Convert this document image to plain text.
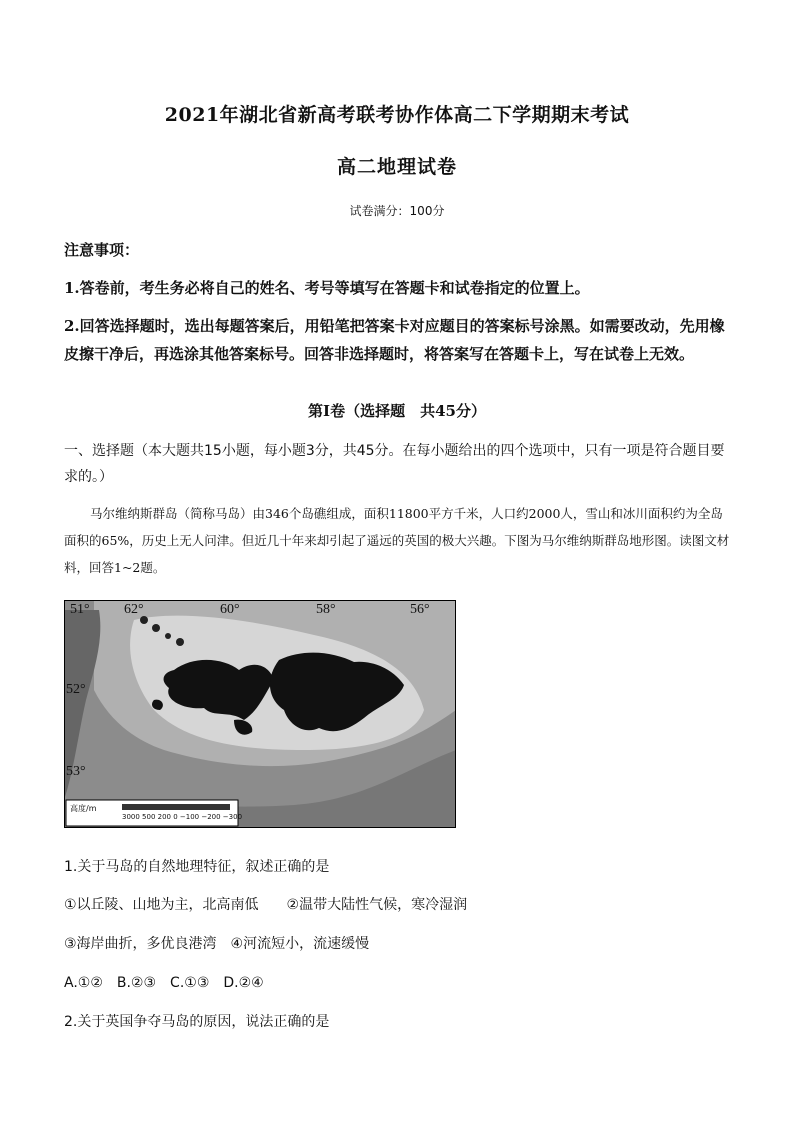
2021年湖北省新高考联考协作体高二下学期期末考试
高二地理试卷
试卷满分：100分
注意事项：
1.答卷前，考生务必将自己的姓名、考号等填写在答题卡和试卷指定的位置上。
2.回答选择题时，选出每题答案后，用铅笔把答案卡对应题目的答案标号涂黑。如需要改动，先用橡皮擦干净后，再选涂其他答案标号。回答非选择题时，将答案写在答题卡上，写在试卷上无效。
第Ⅰ卷（选择题　共45分）
一、选择题（本大题共15小题，每小题3分，共45分。在每小题给出的四个选项中，只有一项是符合题目要求的。）
马尔维纳斯群岛（简称马岛）由346个岛礁组成，面积11800平方千米，人口约2000人，雪山和冰川面积约为全岛面积的65%，历史上无人问津。但近几十年来却引起了遥远的英国的极大兴趣。下图为马尔维纳斯群岛地形图。读图文材料，回答1~2题。
51° 62°	60°	58°	56°
52°
53°
高度/m
3000 500 200 0 −100 −200 −300
1.关于马岛的自然地理特征，叙述正确的是
①以丘陵、山地为主，北高南低　　②温带大陆性气候，寒冷湿润
③海岸曲折，多优良港湾　④河流短小，流速缓慢
A.①②　B.②③　C.①③　D.②④
2.关于英国争夺马岛的原因，说法正确的是
